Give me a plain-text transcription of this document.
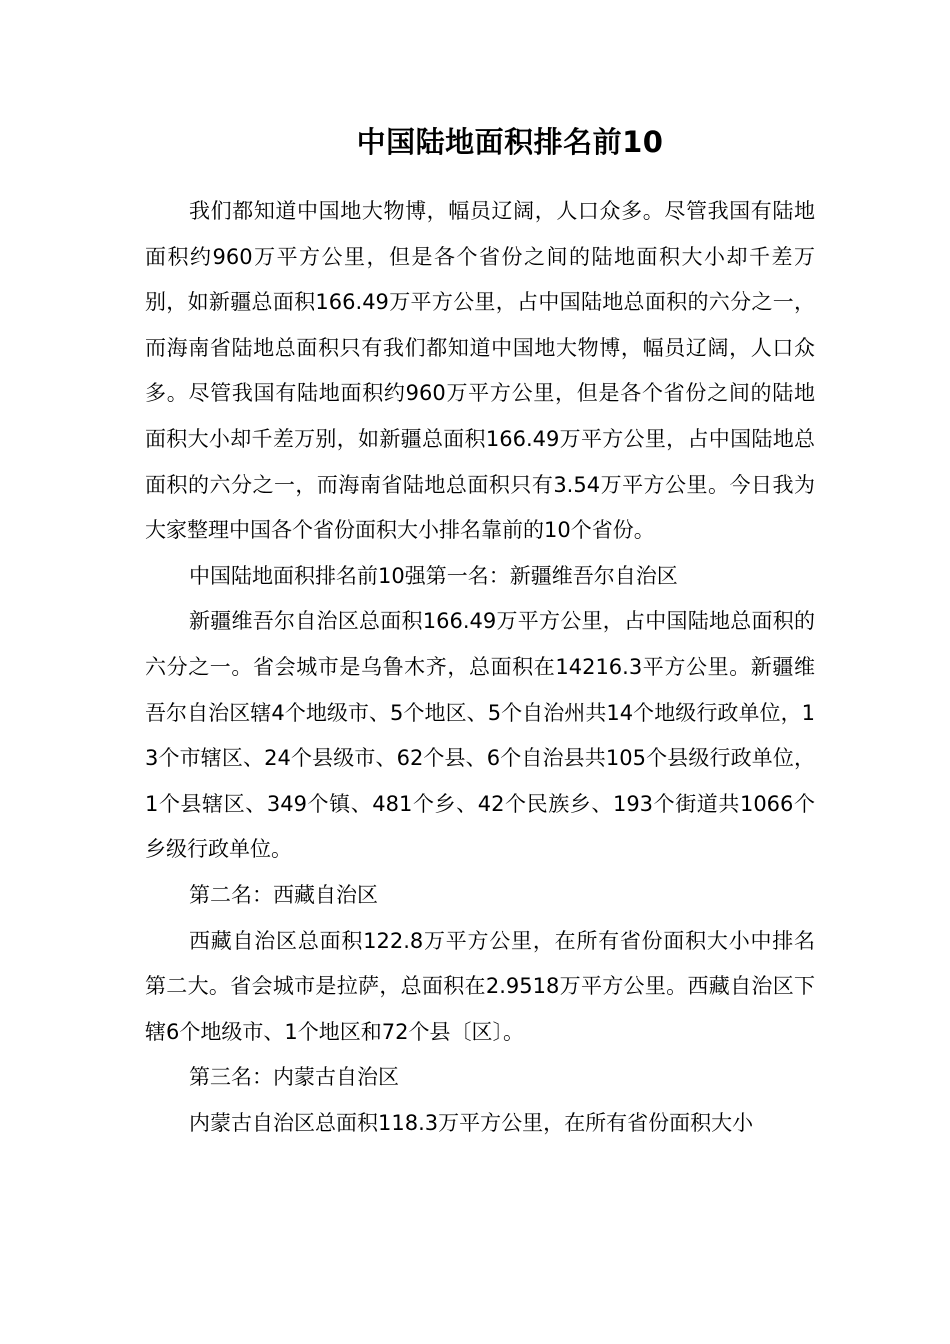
中国陆地面积排名前10

我们都知道中国地大物博，幅员辽阔，人口众多。尽管我国有陆地面积约960万平方公里，但是各个省份之间的陆地面积大小却千差万别，如新疆总面积166.49万平方公里，占中国陆地总面积的六分之一，而海南省陆地总面积只有我们都知道中国地大物博，幅员辽阔，人口众多。尽管我国有陆地面积约960万平方公里，但是各个省份之间的陆地面积大小却千差万别，如新疆总面积166.49万平方公里，占中国陆地总面积的六分之一，而海南省陆地总面积只有3.54万平方公里。今日我为大家整理中国各个省份面积大小排名靠前的10个省份。

中国陆地面积排名前10强第一名：新疆维吾尔自治区

新疆维吾尔自治区总面积166.49万平方公里，占中国陆地总面积的六分之一。省会城市是乌鲁木齐，总面积在14216.3平方公里。新疆维吾尔自治区辖4个地级市、5个地区、5个自治州共14个地级行政单位，13个市辖区、24个县级市、62个县、6个自治县共105个县级行政单位，1个县辖区、349个镇、481个乡、42个民族乡、193个街道共1066个乡级行政单位。

第二名：西藏自治区

西藏自治区总面积122.8万平方公里，在所有省份面积大小中排名第二大。省会城市是拉萨，总面积在2.9518万平方公里。西藏自治区下辖6个地级市、1个地区和72个县〔区〕。

第三名：内蒙古自治区

内蒙古自治区总面积118.3万平方公里，在所有省份面积大小
